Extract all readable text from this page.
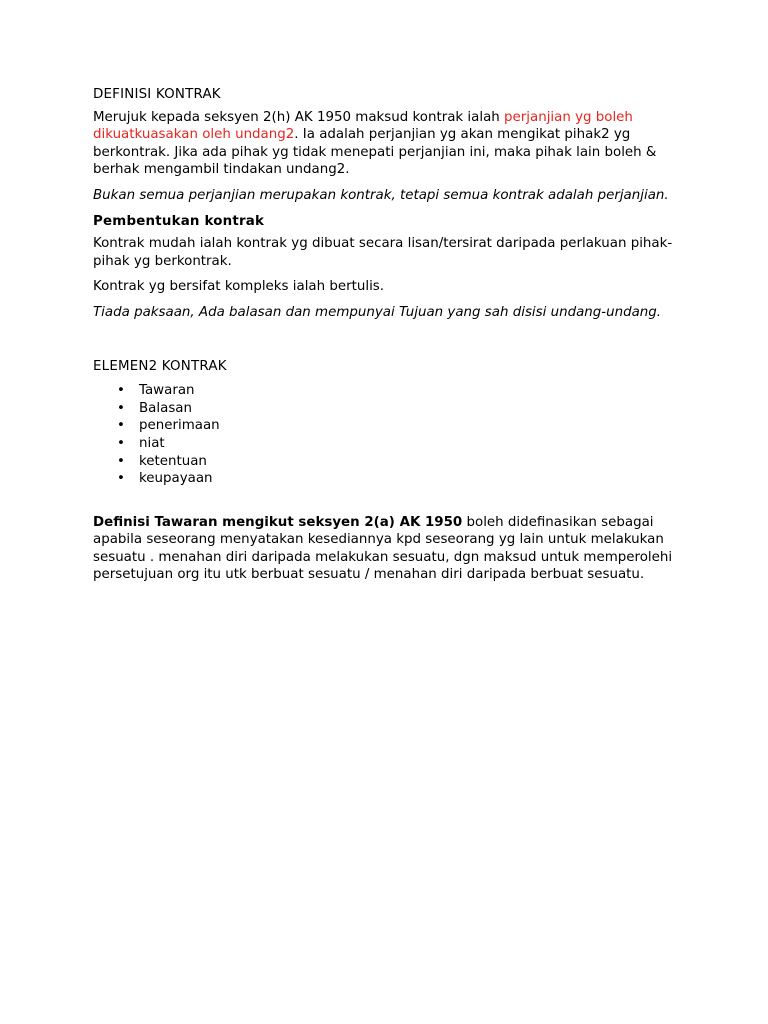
DEFINISI KONTRAK

Merujuk kepada seksyen 2(h) AK 1950 maksud kontrak ialah perjanjian yg boleh dikuatkuasakan oleh undang2. Ia adalah perjanjian yg akan mengikat pihak2 yg berkontrak. Jika ada pihak yg tidak menepati perjanjian ini, maka pihak lain boleh & berhak mengambil tindakan undang2.

Bukan semua perjanjian merupakan kontrak, tetapi semua kontrak adalah perjanjian.

Pembentukan kontrak

Kontrak mudah ialah kontrak yg dibuat secara lisan/tersirat daripada perlakuan pihak-pihak yg berkontrak.

Kontrak yg bersifat kompleks ialah bertulis.

Tiada paksaan, Ada balasan dan mempunyai Tujuan yang sah disisi undang-undang.

ELEMEN2 KONTRAK
• Tawaran
• Balasan
• penerimaan
• niat
• ketentuan
• keupayaan

Definisi Tawaran mengikut seksyen 2(a) AK 1950 boleh didefinasikan sebagai apabila seseorang menyatakan kesediannya kpd seseorang yg lain untuk melakukan sesuatu . menahan diri daripada melakukan sesuatu, dgn maksud untuk memperolehi persetujuan org itu utk berbuat sesuatu / menahan diri daripada berbuat sesuatu.
